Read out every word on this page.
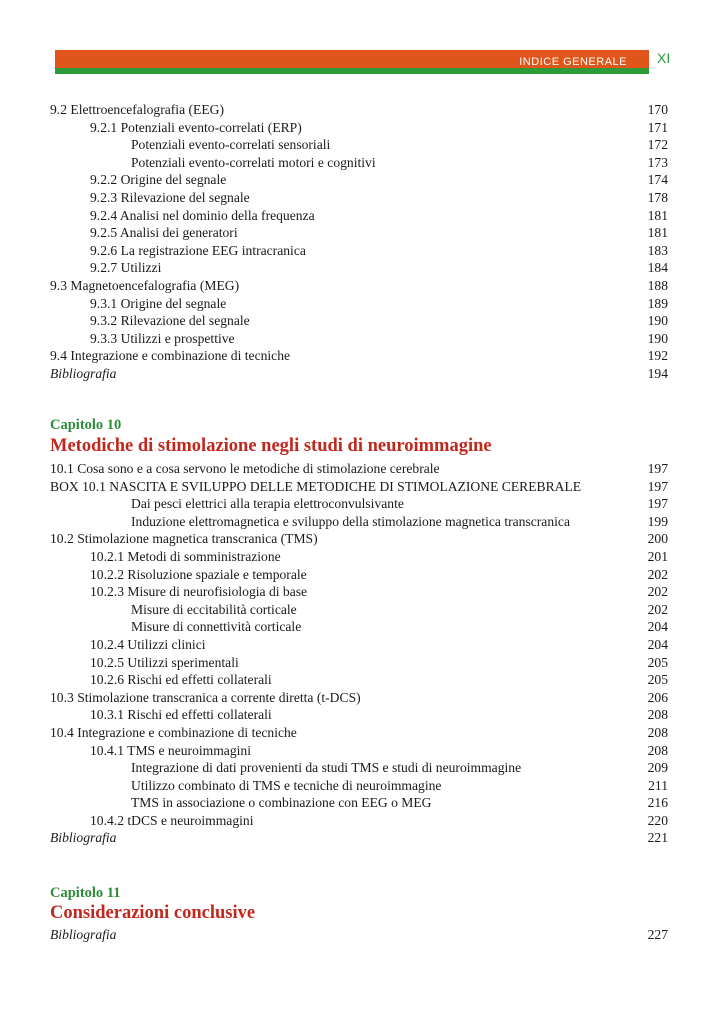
INDICE GENERALE XI
9.2 Elettroencefalografia (EEG)	170
9.2.1 Potenziali evento-correlati (ERP)	171
Potenziali evento-correlati sensoriali	172
Potenziali evento-correlati motori e cognitivi	173
9.2.2 Origine del segnale	174
9.2.3 Rilevazione del segnale	178
9.2.4 Analisi nel dominio della frequenza	181
9.2.5 Analisi dei generatori	181
9.2.6 La registrazione EEG intracranica	183
9.2.7 Utilizzi	184
9.3 Magnetoencefalografia (MEG)	188
9.3.1 Origine del segnale	189
9.3.2 Rilevazione del segnale	190
9.3.3 Utilizzi e prospettive	190
9.4 Integrazione e combinazione di tecniche	192
Bibliografia	194
Capitolo 10
Metodiche di stimolazione negli studi di neuroimmagine
10.1 Cosa sono e a cosa servono le metodiche di stimolazione cerebrale	197
BOX 10.1 NASCITA E SVILUPPO DELLE METODICHE DI STIMOLAZIONE CEREBRALE	197
Dai pesci elettrici alla terapia elettroconvulsivante	197
Induzione elettromagnetica e sviluppo della stimolazione magnetica transcranica	199
10.2 Stimolazione magnetica transcranica (TMS)	200
10.2.1 Metodi di somministrazione	201
10.2.2 Risoluzione spaziale e temporale	202
10.2.3 Misure di neurofisiologia di base	202
Misure di eccitabilità corticale	202
Misure di connettività corticale	204
10.2.4 Utilizzi clinici	204
10.2.5 Utilizzi sperimentali	205
10.2.6 Rischi ed effetti collaterali	205
10.3 Stimolazione transcranica a corrente diretta (t-DCS)	206
10.3.1 Rischi ed effetti collaterali	208
10.4 Integrazione e combinazione di tecniche	208
10.4.1 TMS e neuroimmagini	208
Integrazione di dati provenienti da studi TMS e studi di neuroimmagine	209
Utilizzo combinato di TMS e tecniche di neuroimmagine	211
TMS in associazione o combinazione con EEG o MEG	216
10.4.2 tDCS e neuroimmagini	220
Bibliografia	221
Capitolo 11
Considerazioni conclusive
Bibliografia	227
